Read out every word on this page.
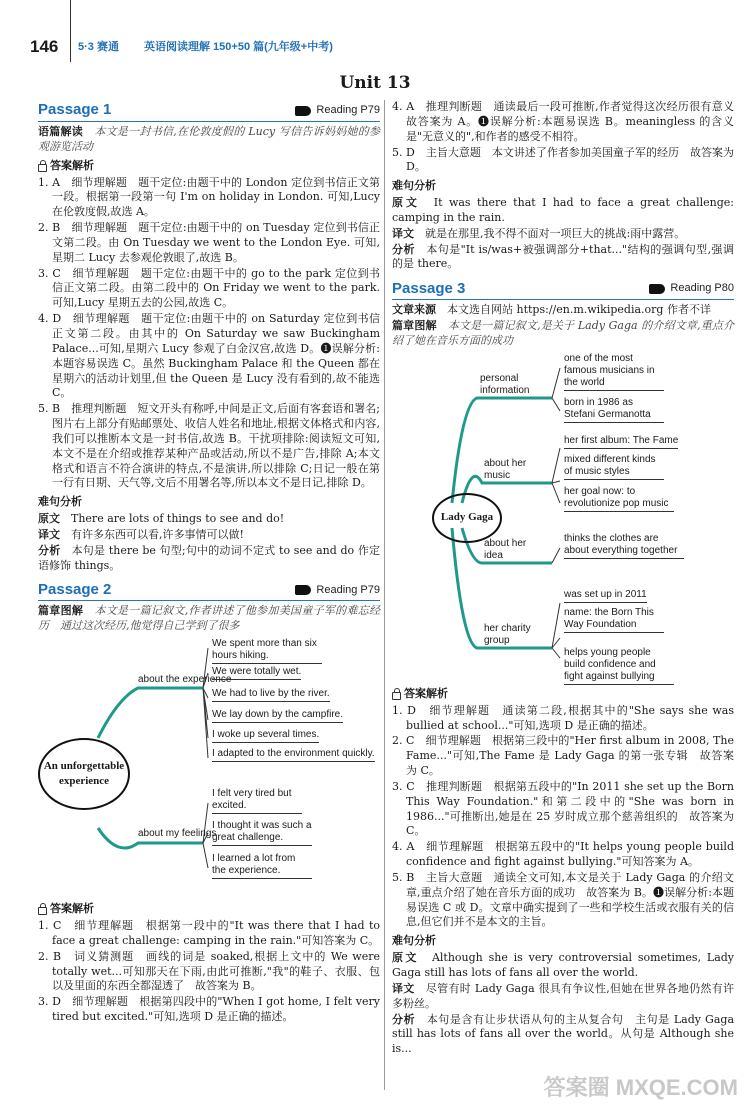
146 5·3 赛通 英语阅读理解 150+50 篇(九年级+中考)
Unit 13
Passage 1	Reading P79

语篇解读　 本文是一封书信,在伦敦度假的 Lucy 写信告诉妈妈她的参观游览活动

答案解析

1. A　细节理解题　题干定位:由题干中的 London 定位到书信正文第一段。根据第一段第一句 I'm on holiday in London. 可知,Lucy 在伦敦度假,故选 A。

2. B　细节理解题　题干定位:由题干中的 on Tuesday 定位到书信正文第二段。由 On Tuesday we went to the London Eye. 可知,星期二 Lucy 去参观伦敦眼了,故选 B。

3. C　细节理解题　题干定位:由题干中的 go to the park 定位到书信正文第二段。由第二段中的 On Friday we went to the park. 可知,Lucy 星期五去的公园,故选 C。

4. D　细节理解题　题干定位:由题干中的 on Saturday 定位到书信正文第二段。由其中的 On Saturday we saw Buckingham Palace...可知,星期六 Lucy 参观了白金汉宫,故选 D。❶误解分析:本题容易误选 C。虽然 Buckingham Palace 和 the Queen 都在星期六的活动计划里,但 the Queen 是 Lucy 没有看到的,故不能选 C。

5. B　推理判断题　短文开头有称呼,中间是正文,后面有客套语和署名;图片右上部分有贴邮票处、收信人姓名和地址,根据文体格式和内容,我们可以推断本文是一封书信,故选 B。干扰项排除:阅读短文可知,本文不是在介绍或推荐某种产品或活动,所以不是广告,排除 A;本文格式和语言不符合演讲的特点,不是演讲,所以排除 C;日记一般在第一行有日期、天气等,文后不用署名等,所以本文不是日记,排除 D。

难句分析

原文　 There are lots of things to see and do!

译文　 有许多东西可以看,许多事情可以做!

分析　 本句是 there be 句型;句中的动词不定式 to see and do 作定语修饰 things。

Passage 2	Reading P79

篇章图解　 本文是一篇记叙文,作者讲述了他参加美国童子军的难忘经历　通过这次经历,他觉得自己学到了很多

An unforgettable experience
about the experience
about my feelings
We spent more than six hours hiking.
We were totally wet.
We had to live by the river.
We lay down by the campfire.
I woke up several times.
I adapted to the environment quickly.
I felt very tired but excited.
I thought it was such a great challenge.
I learned a lot from the experience.
答案解析

1. C　细节理解题　根据第一段中的"It was there that I had to face a great challenge: camping in the rain."可知答案为 C。

2. B　词义猜测题　画线的词是 soaked,根据上文中的 We were totally wet...可知那天在下雨,由此可推断,"我"的鞋子、衣服、包以及里面的东西全都湿透了　故答案为 B。

3. D　细节理解题　根据第四段中的"When I got home, I felt very tired but excited."可知,选项 D 是正确的描述。

4. A　推理判断题　通读最后一段可推断,作者觉得这次经历很有意义　故答案为 A。❶误解分析:本题易误选 B。meaningless 的含义是"无意义的",和作者的感受不相符。

5. D　主旨大意题　本文讲述了作者参加美国童子军的经历　故答案为 D。

难句分析

原文　 It was there that I had to face a great challenge: camping in the rain.

译文　 就是在那里,我不得不面对一项巨大的挑战:雨中露营。

分析　 本句是"It is/was+被强调部分+that..."结构的强调句型,强调的是 there。

Passage 3	Reading P80

文章来源　 本文选自网站 https://en.m.wikipedia.org 作者不详

篇章图解　 本文是一篇记叙文,是关于 Lady Gaga 的介绍文章,重点介绍了她在音乐方面的成功

Lady Gaga
personal information
about her music
about her idea
her charity group
one of the most famous musicians in the world
born in 1986 as Stefani Germanotta
her first album: The Fame
mixed different kinds of music styles
her goal now: to revolutionize pop music
thinks the clothes are about everything together
was set up in 2011
name: the Born This Way Foundation
helps young people build confidence and fight against bullying
答案解析

1. D　细节理解题　通读第二段,根据其中的"She says she was bullied at school..."可知,选项 D 是正确的描述。

2. C　细节理解题　根据第三段中的"Her first album in 2008, The Fame..."可知,The Fame 是 Lady Gaga 的第一张专辑　故答案为 C。

3. C　推理判断题　根据第五段中的"In 2011 she set up the Born This Way Foundation."和第二段中的"She was born in 1986..."可推断出,她是在 25 岁时成立那个慈善组织的　故答案为 C。

4. A　细节理解题　根据第五段中的"It helps young people build confidence and fight against bullying."可知答案为 A。

5. B　主旨大意题　通读全文可知,本文是关于 Lady Gaga 的介绍文章,重点介绍了她在音乐方面的成功　故答案为 B。❶误解分析:本题易误选 C 或 D。文章中确实提到了一些和学校生活或衣服有关的信息,但它们并不是本文的主旨。

难句分析

原文　 Although she is very controversial sometimes, Lady Gaga still has lots of fans all over the world.

译文　 尽管有时 Lady Gaga 很具有争议性,但她在世界各地仍然有许多粉丝。

分析　 本句是含有让步状语从句的主从复合句　主句是 Lady Gaga still has lots of fans all over the world。从句是 Although she is...

答案圈 MXQE.COM
